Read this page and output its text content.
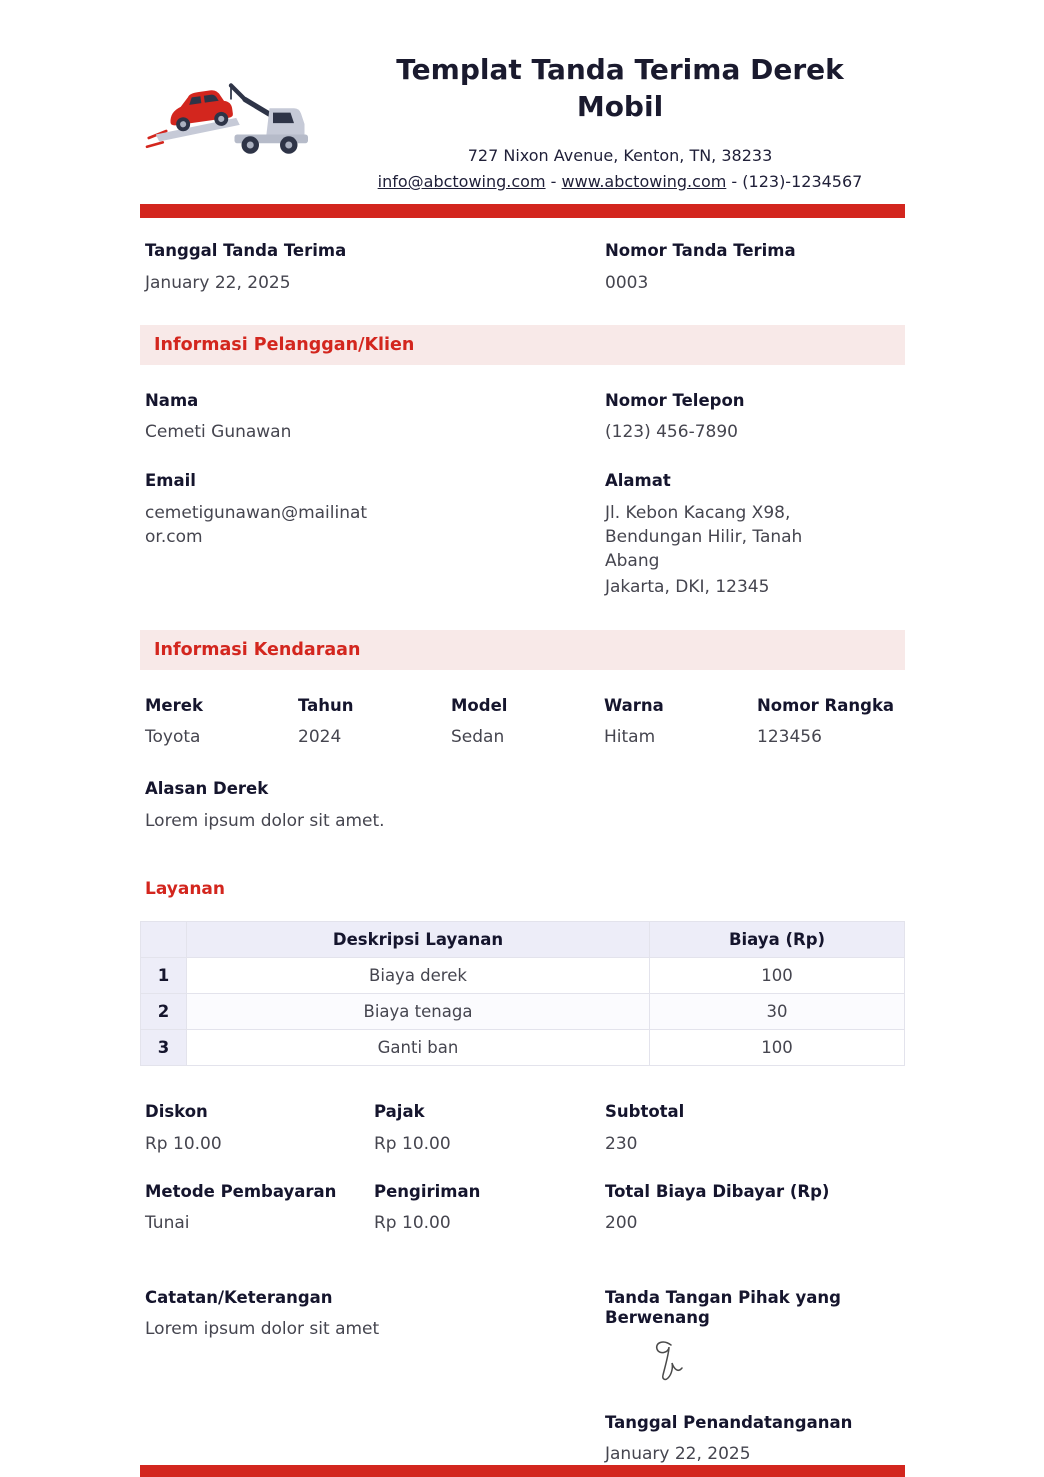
Templat Tanda Terima Derek Mobil
727 Nixon Avenue, Kenton, TN, 38233
info@abctowing.com - www.abctowing.com - (123)-1234567
Tanggal Tanda Terima
January 22, 2025
Nomor Tanda Terima
0003
Informasi Pelanggan/Klien
Nama
Cemeti Gunawan
Nomor Telepon
(123) 456-7890
Email
cemetigunawan@mailinator.com
Alamat
Jl. Kebon Kacang X98, Bendungan Hilir, Tanah Abang
Jakarta, DKI, 12345
Informasi Kendaraan
Merek
Toyota
Tahun
2024
Model
Sedan
Warna
Hitam
Nomor Rangka
123456
Alasan Derek
Lorem ipsum dolor sit amet.
Layanan
	Deskripsi Layanan	Biaya (Rp)
1	Biaya derek	100
2	Biaya tenaga	30
3	Ganti ban	100
Diskon
Rp 10.00
Pajak
Rp 10.00
Subtotal
230
Metode Pembayaran
Tunai
Pengiriman
Rp 10.00
Total Biaya Dibayar (Rp)
200
Catatan/Keterangan
Lorem ipsum dolor sit amet
Tanda Tangan Pihak yang Berwenang
Tanggal Penandatanganan
January 22, 2025
